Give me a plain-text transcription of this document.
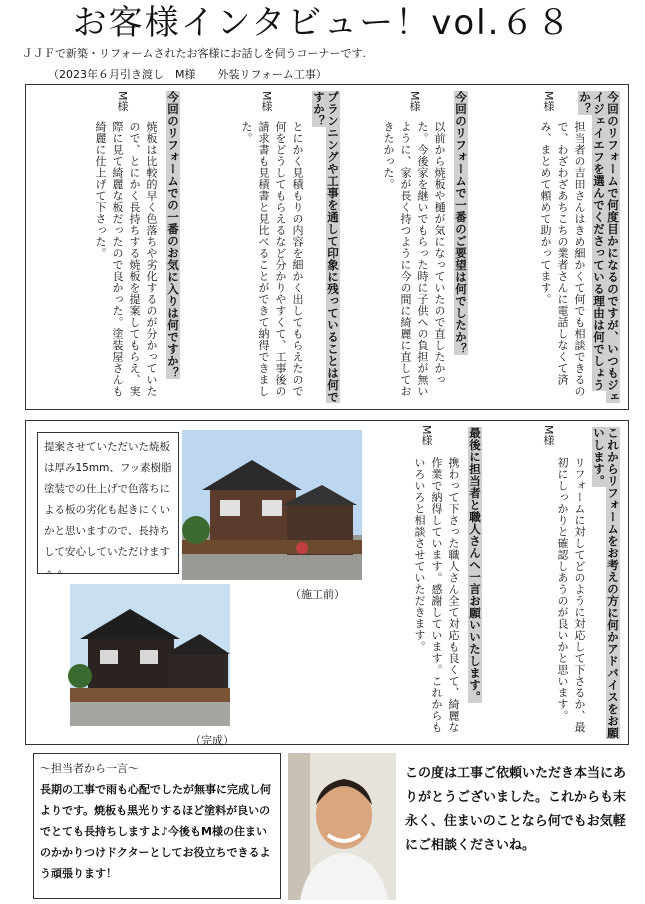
お客様インタビュー！vol.６８
ＪＪＦで新築・リフォームされたお客様にお話しを伺うコーナーです.
（2023年６月引き渡し　M様　　外装リフォーム工事）
今回のリフォームで何度目かになるのですが、いつもジェイジェイエフを選んでくださっている理由は何でしょうか？
M様
担当者の吉田さんはきめ細かくて何でも相談できるので、わざわざあちこちの業者さんに電話しなくて済み、まとめて頼めて助かってます。
今回のリフォームで一番のご要望は何でしたか？
M様
以前から焼板や樋が気になっていたので直したかった。今後家を継いでもらった時に子供への負担が無いように、家が長く持つように今の間に綺麗に直しておきたかった。
プランニングや工事を通して印象に残っていることは何ですか？
M様
とにかく見積もりの内容を細かく出してもらえたので何をどうしてもらえるなど分かりやすくて、工事後の請求書も見積書と見比べることができて納得できました。
今回のリフォームでの一番のお気に入りは何ですか？
M様
焼板は比較的早く色落ちや劣化するのが分かっていたので、とにかく長持ちする焼板を提案してもらえ、実際に見て綺麗な板だったので良かった。塗装屋さんも綺麗に仕上げて下さった。
これからリフォームをお考えの方に何かアドバイスをお願いします。
M様
リフォームに対してどのように対応して下さるか、最初にしっかりと確認しあうのが良いかと思います。
最後に担当者と職人さんへ一言お願いいたします。
M様
携わって下さった職人さん全て対応も良くて、綺麗な作業で納得しています。感謝しています。これからもいろいろと相談させていただきます。
提案させていただいた焼板は厚み15mm、フッ素樹脂塗装での仕上げで色落ちによる板の劣化も起きにくいかと思いますので、長持ちして安心していただけます＾＾
（施工前）
（完成）
～担当者から一言～
長期の工事で雨も心配でしたが無事に完成し何よりです。焼板も黒光りするほど塗料が良いのでとても長持ちしますよ♪今後もM様の住まいのかかりつけドクターとしてお役立ちできるよう頑張ります！
この度は工事ご依頼いただき本当にありがとうございました。これからも末永く、住まいのことなら何でもお気軽にご相談くださいね。
